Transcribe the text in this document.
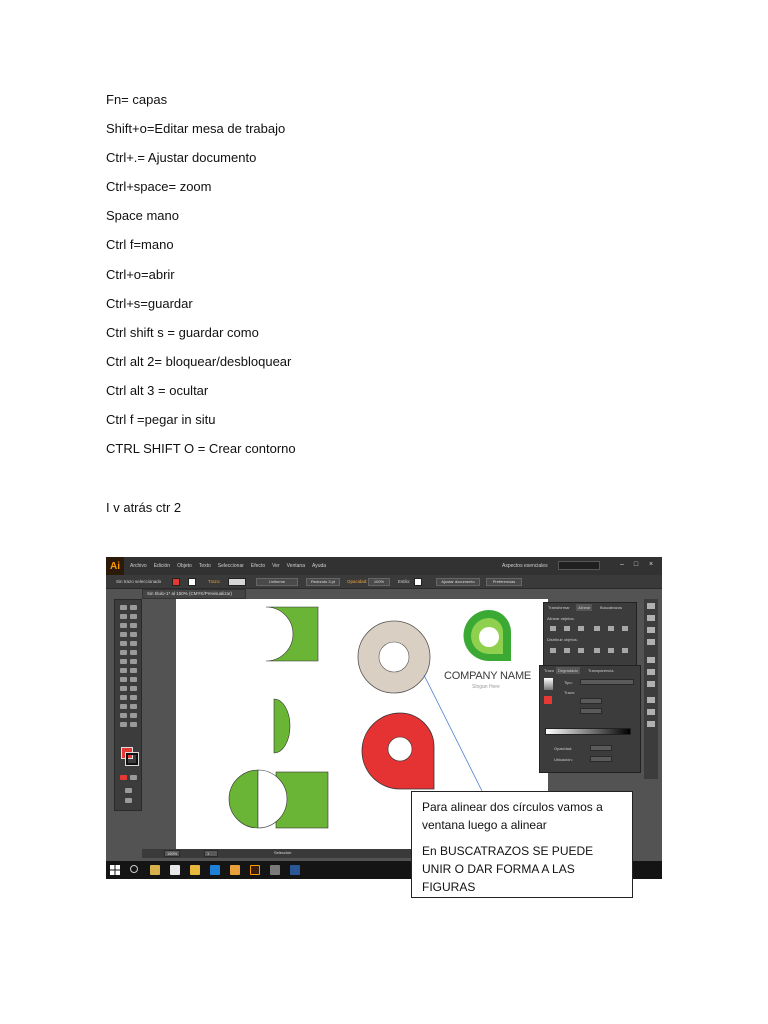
Fn= capas
Shift+o=Editar mesa de trabajo
Ctrl+.= Ajustar documento
Ctrl+space= zoom
Space mano
Ctrl f=mano
Ctrl+o=abrir
Ctrl+s=guardar
Ctrl shift s = guardar como
Ctrl alt 2= bloquear/desbloquear
Ctrl alt 3 = ocultar
Ctrl f =pegar in situ
CTRL SHIFT O = Crear contorno
I v atrás ctr 2
Ai	Archivo Edición Objeto Texto Seleccionar Efecto Ver Ventana Ayuda	Aspectos esenciales	– □ ×
Sin trazo seleccionado	Trazo:	Uniforme	Redondo 3 pt	Opacidad:	100%	Estilo:	Ajustar documento	Preferencias
Sin título-1* al 150% (CMYK/Previsualizar)
COMPANY NAME
Slogan Here
Transformar	Alinear	Buscatrazos
Alinear objetos:
Distribuir objetos:
Trazo Degradado	Transparencia
Tipo:
Trazo:
Opacidad:
Ubicación:
150%	1	Selección

Para alinear dos círculos vamos a ventana luego a alinear

En BUSCATRAZOS SE PUEDE UNIR O DAR FORMA A LAS FIGURAS
